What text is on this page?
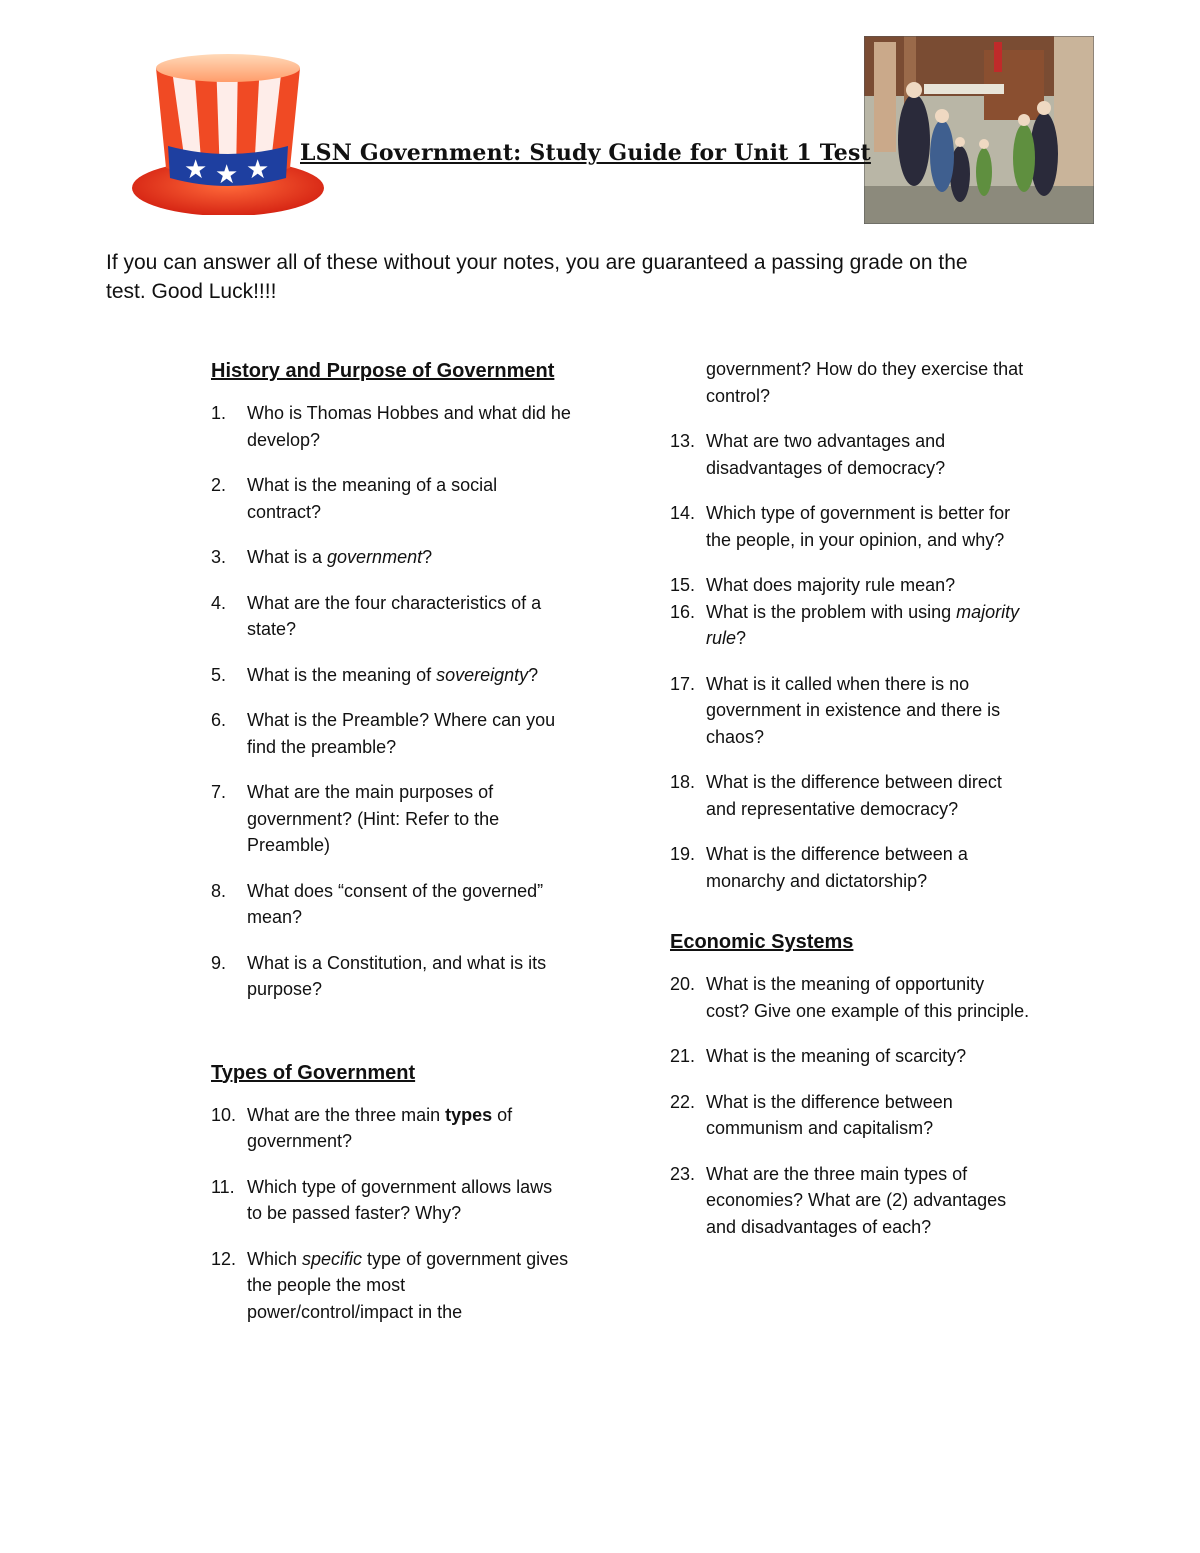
★ ★ ★
LSN Government: Study Guide for Unit 1 Test

If you can answer all of these without your notes, you are guaranteed a passing grade on the test. Good Luck!!!!

History and Purpose of Government
1. Who is Thomas Hobbes and what did he develop?
2. What is the meaning of a social contract?
3. What is a government?
4. What are the four characteristics of a state?
5. What is the meaning of sovereignty?
6. What is the Preamble? Where can you find the preamble?
7. What are the main purposes of government? (Hint: Refer to the Preamble)
8. What does “consent of the governed” mean?
9. What is a Constitution, and what is its purpose?
Types of Government
10. What are the three main types of government?
11. Which type of government allows laws to be passed faster? Why?
12. Which specific type of government gives the people the most power/control/impact in the
government? How do they exercise that control?
13. What are two advantages and disadvantages of democracy?
14. Which type of government is better for the people, in your opinion, and why?
15. What does majority rule mean?
16. What is the problem with using majority rule?
17. What is it called when there is no government in existence and there is chaos?
18. What is the difference between direct and representative democracy?
19. What is the difference between a monarchy and dictatorship?
Economic Systems
20. What is the meaning of opportunity cost? Give one example of this principle.
21. What is the meaning of scarcity?
22. What is the difference between communism and capitalism?
23. What are the three main types of economies? What are (2) advantages and disadvantages of each?
